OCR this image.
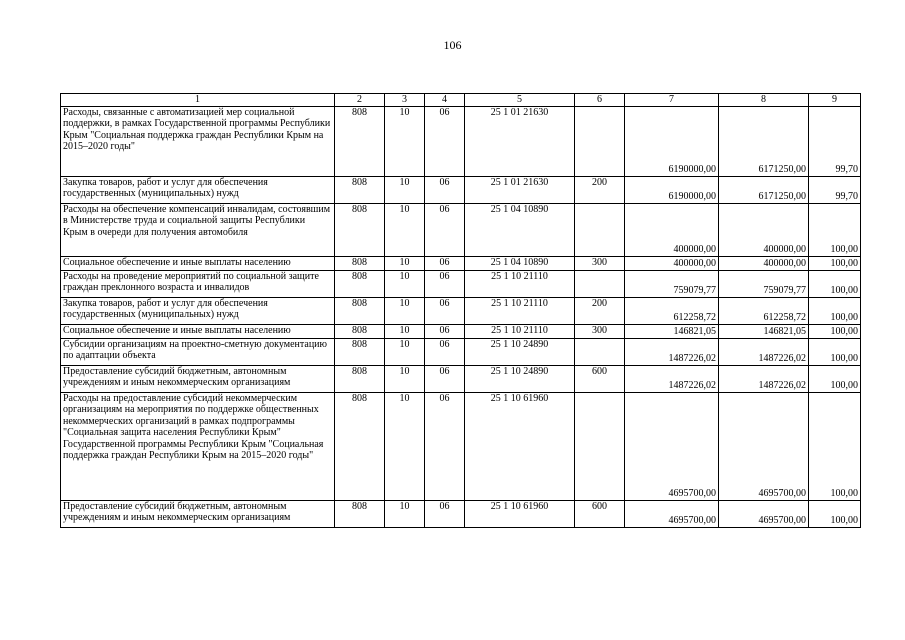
106
1	2	3	4	5	6	7	8	9
Расходы, связанные с автоматизацией мер социальной поддержки, в рамках Государственной программы Республики Крым "Социальная поддержка граждан Республики Крым на 2015–2020 годы"	808	10	06	25 1 01 21630		6190000,00	6171250,00	99,70
Закупка товаров, работ и услуг для обеспечения государственных (муниципальных) нужд	808	10	06	25 1 01 21630	200	6190000,00	6171250,00	99,70
Расходы на обеспечение компенсаций инвалидам, состоявшим в Министерстве труда и социальной защиты Республики Крым в очереди для получения автомобиля	808	10	06	25 1 04 10890		400000,00	400000,00	100,00
Социальное обеспечение и иные выплаты населению	808	10	06	25 1 04 10890	300	400000,00	400000,00	100,00
Расходы на проведение мероприятий по социальной защите граждан преклонного возраста и инвалидов	808	10	06	25 1 10 21110		759079,77	759079,77	100,00
Закупка товаров, работ и услуг для обеспечения государственных (муниципальных) нужд	808	10	06	25 1 10 21110	200	612258,72	612258,72	100,00
Социальное обеспечение и иные выплаты населению	808	10	06	25 1 10 21110	300	146821,05	146821,05	100,00
Субсидии организациям на проектно-сметную документацию по адаптации объекта	808	10	06	25 1 10 24890		1487226,02	1487226,02	100,00
Предоставление субсидий бюджетным, автономным учреждениям и иным некоммерческим организациям	808	10	06	25 1 10 24890	600	1487226,02	1487226,02	100,00
Расходы на предоставление субсидий некоммерческим организациям на мероприятия по поддержке общественных некоммерческих организаций в рамках подпрограммы "Социальная защита населения Республики Крым" Государственной программы Республики Крым "Социальная поддержка граждан Республики Крым на 2015–2020 годы"	808	10	06	25 1 10 61960		4695700,00	4695700,00	100,00
Предоставление субсидий бюджетным, автономным учреждениям и иным некоммерческим организациям	808	10	06	25 1 10 61960	600	4695700,00	4695700,00	100,00
